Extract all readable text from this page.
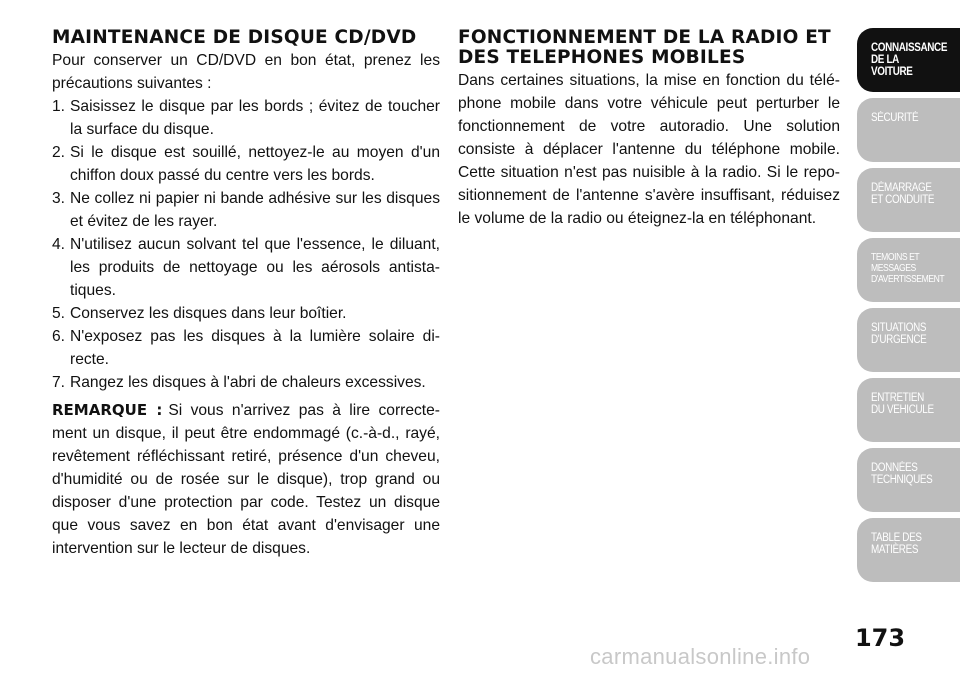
MAINTENANCE DE DISQUE CD/DVD

Pour conserver un CD/DVD en bon état, prenez les précautions suivantes :

1. Saisissez le disque par les bords ; évitez de toucher la surface du disque.
2. Si le disque est souillé, nettoyez-le au moyen d'un chiffon doux passé du centre vers les bords.
3. Ne collez ni papier ni bande adhésive sur les disques et évitez de les rayer.
4. N'utilisez aucun solvant tel que l'essence, le diluant, les produits de nettoyage ou les aérosols antista-tiques.
5. Conservez les disques dans leur boîtier.
6. N'exposez pas les disques à la lumière solaire di-recte.
7. Rangez les disques à l'abri de chaleurs excessives.

REMARQUE : Si vous n'arrivez pas à lire correcte-ment un disque, il peut être endommagé (c.-à-d., rayé, revêtement réfléchissant retiré, présence d'un cheveu, d'humidité ou de rosée sur le disque), trop grand ou disposer d'une protection par code. Testez un disque que vous savez en bon état avant d'envisager une intervention sur le lecteur de disques.

FONCTIONNEMENT DE LA RADIO ET DES TELEPHONES MOBILES

Dans certaines situations, la mise en fonction du télé-phone mobile dans votre véhicule peut perturber le fonctionnement de votre autoradio. Une solution consiste à déplacer l'antenne du téléphone mobile. Cette situation n'est pas nuisible à la radio. Si le repo-sitionnement de l'antenne s'avère insuffisant, réduisez le volume de la radio ou éteignez-la en téléphonant.

CONNAISSANCE
DE LA VOITURE
SÉCURITÉ
DÉMARRAGE
ET CONDUITE
TEMOINS ET
MESSAGES
D'AVERTISSEMENT
SITUATIONS
D'URGENCE
ENTRETIEN
DU VEHICULE
DONNÉES
TECHNIQUES
TABLE DES
MATIÈRES
173
carmanualsonline.info
